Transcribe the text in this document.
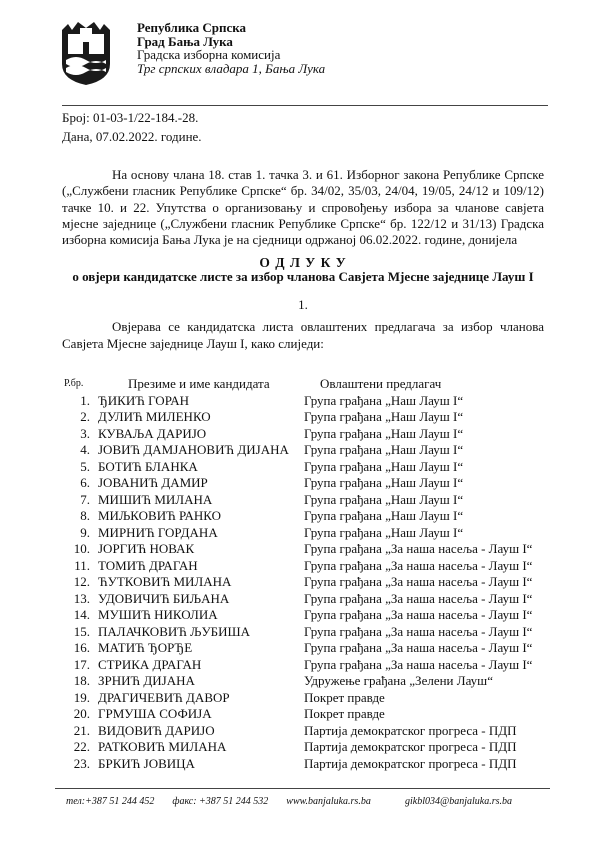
Република Српска
Град Бања Лука
Градска изборна комисија
Трг српских владара 1, Бања Лука
Број: 01-03-1/22-184.-28.
Дана, 07.02.2022. године.

На основу члана 18. став 1. тачка 3. и 61. Изборног закона Републике Српске („Службени гласник Републике Српске“ бр. 34/02, 35/03, 24/04, 19/05, 24/12 и 109/12) тачке 10. и 22. Упутства о организовању и спровођењу избора за чланове савјета мјесне заједнице („Службени гласник Републике Српске“ бр. 122/12 и 31/13) Градска изборна комисија Бања Лука је на сједници одржаној 06.02.2022. године, донијела

О Д Л У К У
о овјери кандидатске листе за избор чланова Савјета Мјесне заједнице Лауш I
1.

Овјерава се кандидатска листа овлаштених предлагача за избор чланова Савјета Мјесне заједнице Лауш I, како слиједи:

Р.бр.	Презиме и име кандидата	Овлаштени предлагач
1. ЂИКИЋ ГОРАН	Група грађана „Наш Лауш I“
2. ДУЛИЋ МИЛЕНКО	Група грађана „Наш Лауш I“
3. КУВАЉА ДАРИЈО	Група грађана „Наш Лауш I“
4. ЈОВИЋ ДАМЈАНОВИЋ ДИЈАНА Група грађана „Наш Лауш I“
5. БОТИЋ БЛАНКА	Група грађана „Наш Лауш I“
6. ЈОВАНИЋ ДАМИР	Група грађана „Наш Лауш I“
7. МИШИЋ МИЛАНА	Група грађана „Наш Лауш I“
8. МИЉКОВИЋ РАНКО	Група грађана „Наш Лауш I“
9. МИРНИЋ ГОРДАНА	Група грађана „Наш Лауш I“
10. ЈОРГИЋ НОВАК	Група грађана „За наша насеља - Лауш I“
11. ТОМИЋ ДРАГАН	Група грађана „За наша насеља - Лауш I“
12. ЋУТКОВИЋ МИЛАНА	Група грађана „За наша насеља - Лауш I“
13. УДОВИЧИЋ БИЉАНА	Група грађана „За наша насеља - Лауш I“
14. МУШИЋ НИКОЛИА	Група грађана „За наша насеља - Лауш I“
15. ПАЛАЧКОВИЋ ЉУБИША	Група грађана „За наша насеља - Лауш I“
16. МАТИЋ ЂОРЂЕ	Група грађана „За наша насеља - Лауш I“
17. СТРИКА ДРАГАН	Група грађана „За наша насеља - Лауш I“
18. ЗРНИЋ ДИЈАНА	Удружење грађана „Зелени Лауш“
19. ДРАГИЧЕВИЋ ДАВОР	Покрет правде
20. ГРМУША СОФИЈА	Покрет правде
21. ВИДОВИЋ ДАРИЈО	Партија демократског прогреса - ПДП
22. РАТКОВИЋ МИЛАНА	Партија демократског прогреса - ПДП
23. БРКИЋ ЈОВИЦА	Партија демократског прогреса - ПДП
тел:+387 51 244 452 факс: +387 51 244 532 www.banjaluka.rs.ba	gikbl034@banjaluka.rs.ba
